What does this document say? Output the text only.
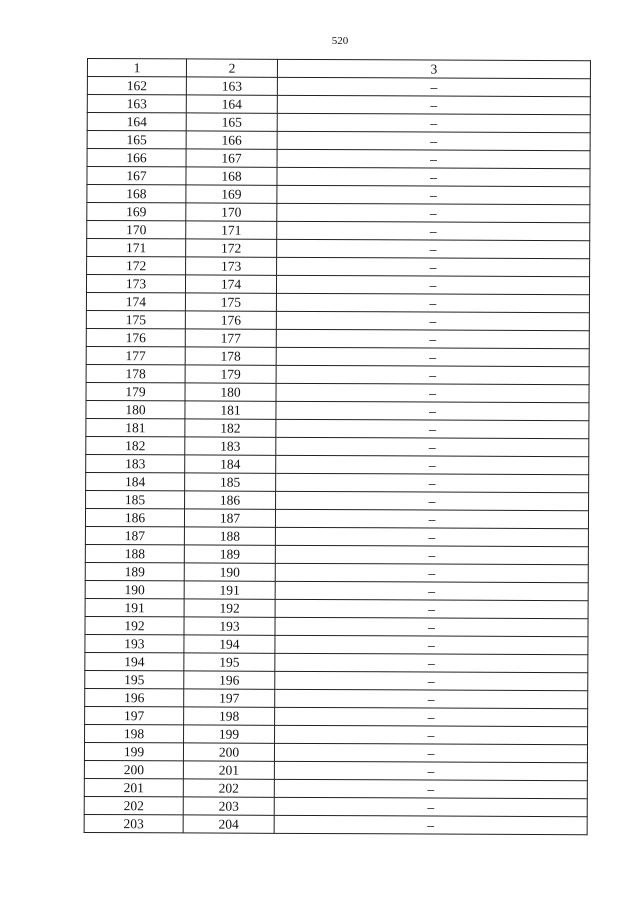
520
1	2	3
162	163	–
163	164	–
164	165	–
165	166	–
166	167	–
167	168	–
168	169	–
169	170	–
170	171	–
171	172	–
172	173	–
173	174	–
174	175	–
175	176	–
176	177	–
177	178	–
178	179	–
179	180	–
180	181	–
181	182	–
182	183	–
183	184	–
184	185	–
185	186	–
186	187	–
187	188	–
188	189	–
189	190	–
190	191	–
191	192	–
192	193	–
193	194	–
194	195	–
195	196	–
196	197	–
197	198	–
198	199	–
199	200	–
200	201	–
201	202	–
202	203	–
203	204	–
